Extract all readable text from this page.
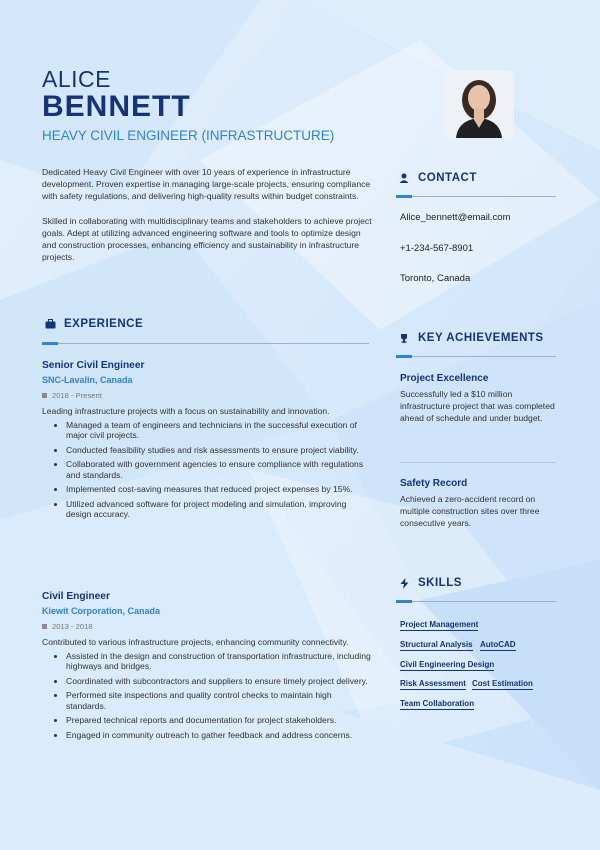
ALICE
BENNETT
HEAVY CIVIL ENGINEER (INFRASTRUCTURE)

Dedicated Heavy Civil Engineer with over 10 years of experience in infrastructure development. Proven expertise in managing large-scale projects, ensuring compliance with safety regulations, and delivering high-quality results within budget constraints.

Skilled in collaborating with multidisciplinary teams and stakeholders to achieve project goals. Adept at utilizing advanced engineering software and tools to optimize design and construction processes, enhancing efficiency and sustainability in infrastructure projects.

EXPERIENCE
Senior Civil Engineer
SNC-Lavalin, Canada
2018 - Present
Leading infrastructure projects with a focus on sustainability and innovation.
• Managed a team of engineers and technicians in the successful execution of major civil projects.
• Conducted feasibility studies and risk assessments to ensure project viability.
• Collaborated with government agencies to ensure compliance with regulations and standards.
• Implemented cost-saving measures that reduced project expenses by 15%.
• Utilized advanced software for project modeling and simulation, improving design accuracy.
Civil Engineer
Kiewit Corporation, Canada
2013 - 2018
Contributed to various infrastructure projects, enhancing community connectivity.
• Assisted in the design and construction of transportation infrastructure, including highways and bridges.
• Coordinated with subcontractors and suppliers to ensure timely project delivery.
• Performed site inspections and quality control checks to maintain high standards.
• Prepared technical reports and documentation for project stakeholders.
• Engaged in community outreach to gather feedback and address concerns.
CONTACT
Alice_bennett@email.com
+1-234-567-8901
Toronto, Canada
KEY ACHIEVEMENTS
Project Excellence
Successfully led a $10 million infrastructure project that was completed ahead of schedule and under budget.
Safety Record
Achieved a zero-accident record on multiple construction sites over three consecutive years.
SKILLS
Project Management
Structural Analysis AutoCAD
Civil Engineering Design
Risk Assessment Cost Estimation
Team Collaboration
